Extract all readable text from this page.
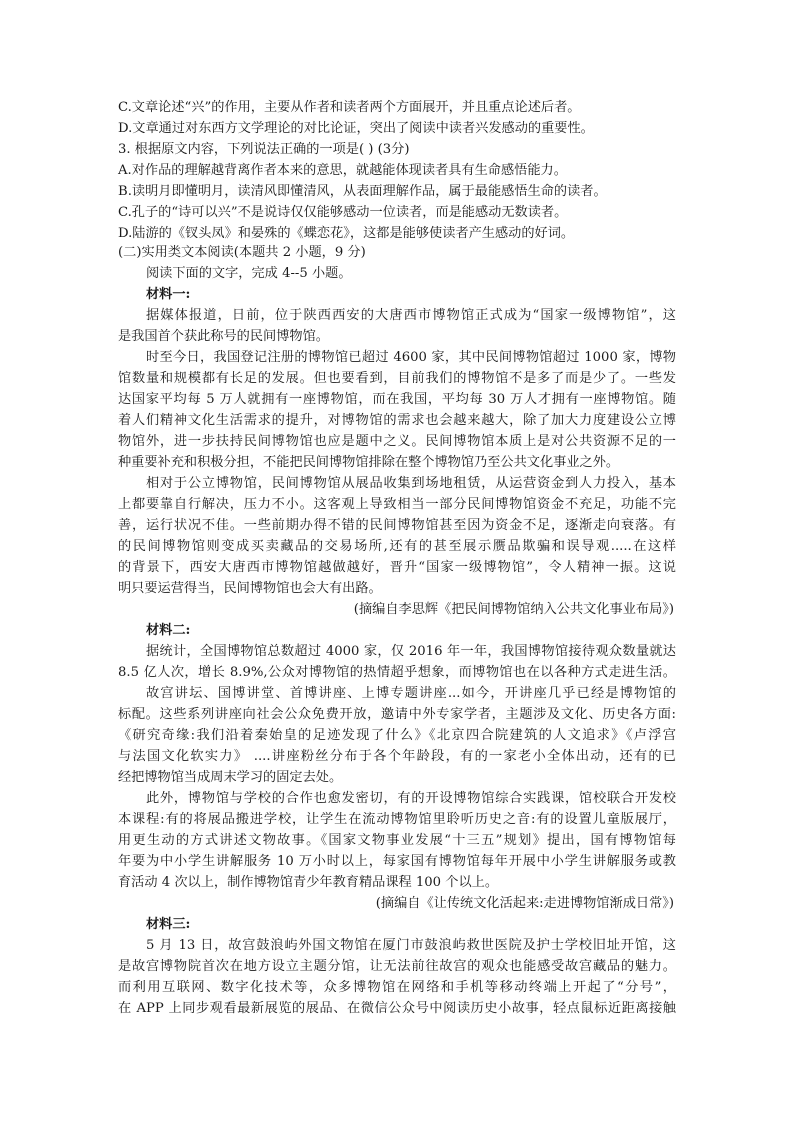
C.文章论述“兴”的作用，主要从作者和读者两个方面展开，并且重点论述后者。
D.文章通过对东西方文学理论的对比论证，突出了阅读中读者兴发感动的重要性。
3. 根据原文内容，下列说法正确的一项是( ) (3分)
A.对作品的理解越背离作者本来的意思，就越能体现读者具有生命感悟能力。
B.读明月即懂明月，读清风即懂清风，从表面理解作品，属于最能感悟生命的读者。
C.孔子的“诗可以兴”不是说诗仅仅能够感动一位读者，而是能感动无数读者。
D.陆游的《钗头凤》和晏殊的《蝶恋花》，这都是能够使读者产生感动的好词。
(二)实用类文本阅读(本题共 2 小题，9 分)
阅读下面的文字，完成 4--5 小题。
材料一:
据媒体报道，日前，位于陕西西安的大唐西市博物馆正式成为“国家一级博物馆”，这
是我国首个获此称号的民间博物馆。
时至今日，我国登记注册的博物馆已超过 4600 家，其中民间博物馆超过 1000 家，博物
馆数量和规模都有长足的发展。但也要看到，目前我们的博物馆不是多了而是少了。一些发
达国家平均每 5 万人就拥有一座博物馆，而在我国，平均每 30 万人才拥有一座博物馆。随
着人们精神文化生活需求的提升，对博物馆的需求也会越来越大，除了加大力度建设公立博
物馆外，进一步扶持民间博物馆也应是题中之义。民间博物馆本质上是对公共资源不足的一
种重要补充和积极分担，不能把民间博物馆排除在整个博物馆乃至公共文化事业之外。
相对于公立博物馆，民间博物馆从展品收集到场地租赁，从运营资金到人力投入，基本
上都要靠自行解决，压力不小。这客观上导致相当一部分民间博物馆资金不充足，功能不完
善，运行状况不佳。一些前期办得不错的民间博物馆甚至因为资金不足，逐渐走向衰落。有
的民间博物馆则变成买卖藏品的交易场所,还有的甚至展示赝品欺骗和误导观.....在这样
的背景下，西安大唐西市博物馆越做越好，晋升“国家一级博物馆”，令人精神一振。这说
明只要运营得当，民间博物馆也会大有出路。
(摘编自李思辉《把民间博物馆纳入公共文化事业布局》)
材料二:
据统计，全国博物馆总数超过 4000 家，仅 2016 年一年，我国博物馆接待观众数量就达
8.5 亿人次，增长 8.9%,公众对博物馆的热情超乎想象，而博物馆也在以各种方式走进生活。
故宫讲坛、国博讲堂、首博讲座、上博专题讲座...如今，开讲座几乎已经是博物馆的
标配。这些系列讲座向社会公众免费开放，邀请中外专家学者，主题涉及文化、历史各方面:
《研究奇缘:我们沿着秦始皇的足迹发现了什么》《北京四合院建筑的人文追求》《卢浮宫
与法国文化软实力》 ....讲座粉丝分布于各个年龄段，有的一家老小全体出动，还有的已
经把博物馆当成周末学习的固定去处。
此外，博物馆与学校的合作也愈发密切，有的开设博物馆综合实践课，馆校联合开发校
本课程:有的将展品搬进学校，让学生在流动博物馆里聆听历史之音:有的设置儿童版展厅，
用更生动的方式讲述文物故事。《国家文物事业发展“十三五”规划》提出，国有博物馆每
年要为中小学生讲解服务 10 万小时以上，每家国有博物馆每年开展中小学生讲解服务或教
育活动 4 次以上，制作博物馆青少年教育精品课程 100 个以上。
(摘编自《让传统文化活起来:走进博物馆渐成日常》)
材料三:
5 月 13 日，故宫鼓浪屿外国文物馆在厦门市鼓浪屿救世医院及护士学校旧址开馆，这
是故宫博物院首次在地方设立主题分馆，让无法前往故宫的观众也能感受故宫藏品的魅力。
而利用互联网、数字化技术等，众多博物馆在网络和手机等移动终端上开起了“分号”，
在 APP 上同步观看最新展览的展品、在微信公众号中阅读历史小故事，轻点鼠标近距离接触
